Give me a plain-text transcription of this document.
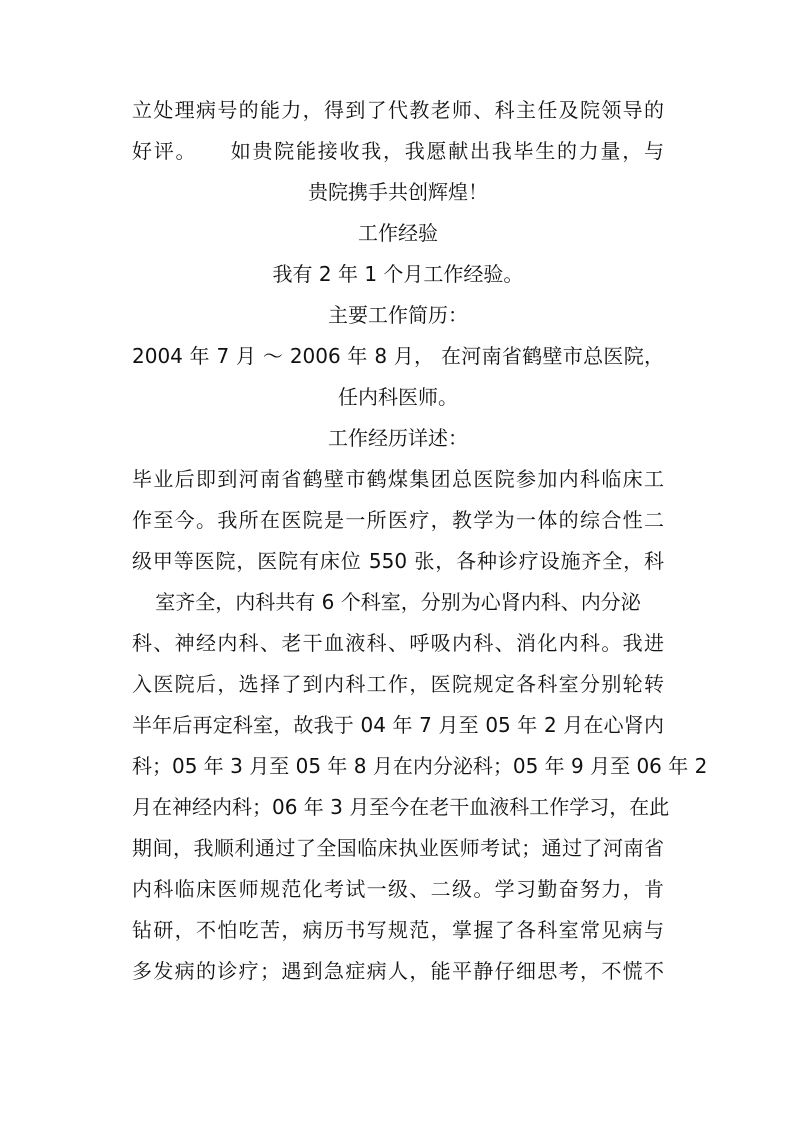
立处理病号的能力，得到了代教老师、科主任及院领导的
好评。　　如贵院能接收我，我愿献出我毕生的力量，与
贵院携手共创辉煌！
工作经验
我有 2 年 1 个月工作经验。
主要工作简历：
2004 年 7 月 ～ 2006 年 8 月， 在河南省鹤壁市总医院，
任内科医师。
工作经历详述：
毕业后即到河南省鹤壁市鹤煤集团总医院参加内科临床工
作至今。我所在医院是一所医疗，教学为一体的综合性二
级甲等医院，医院有床位 550 张，各种诊疗设施齐全，科
室齐全，内科共有 6 个科室，分别为心肾内科、内分泌
科、神经内科、老干血液科、呼吸内科、消化内科。我进
入医院后，选择了到内科工作，医院规定各科室分别轮转
半年后再定科室，故我于 04 年 7 月至 05 年 2 月在心肾内
科；05 年 3 月至 05 年 8 月在内分泌科；05 年 9 月至 06 年 2
月在神经内科；06 年 3 月至今在老干血液科工作学习，在此
期间，我顺利通过了全国临床执业医师考试；通过了河南省
内科临床医师规范化考试一级、二级。学习勤奋努力，肯
钻研，不怕吃苦，病历书写规范，掌握了各科室常见病与
多发病的诊疗；遇到急症病人，能平静仔细思考，不慌不
